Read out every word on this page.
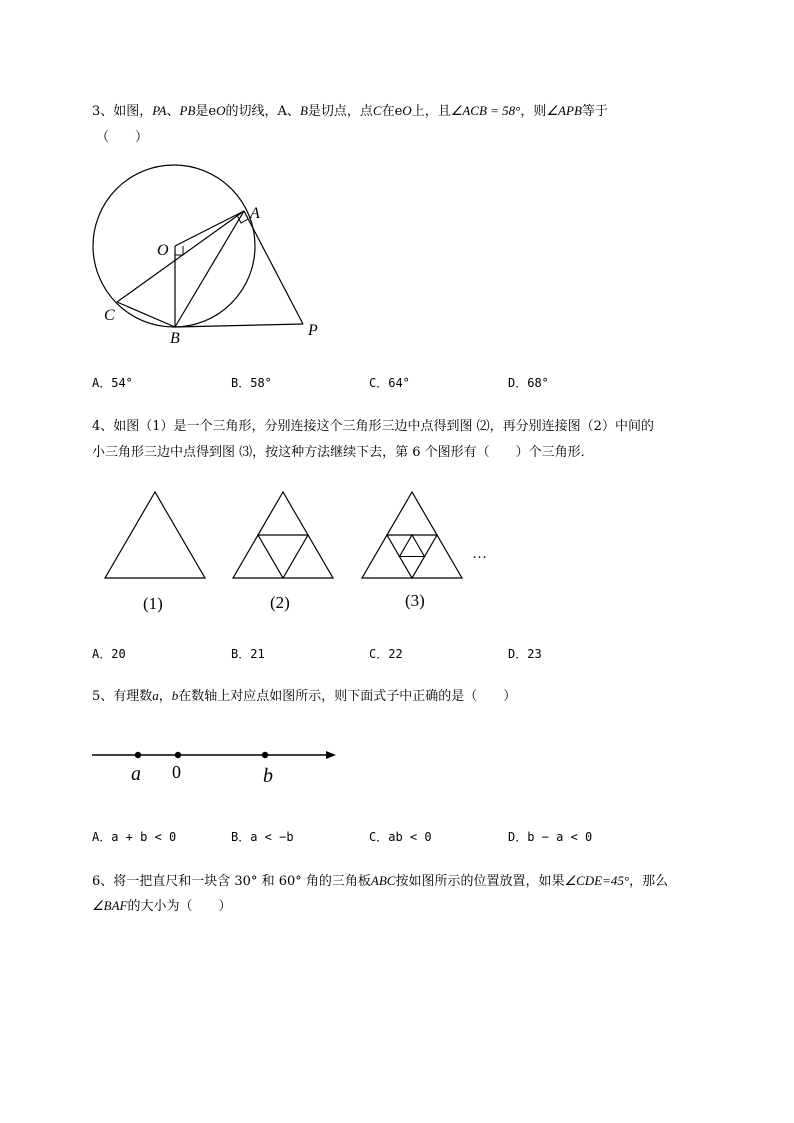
3、如图，PA、PB是eO的切线，A、B是切点，点C在eO上，且∠ACB = 58°，则∠APB等于
（　　）
A
O
C
B	P
A．54°	B．58°	C．64°	D．68°
4、如图（1）是一个三角形，分别连接这个三角形三边中点得到图 ⑵，再分别连接图（2）中间的
小三角形三边中点得到图 ⑶，按这种方法继续下去，第 6 个图形有（　　）个三角形．
(1)	(2)	(3)
…
A．20	B．21	C．22	D．23
5、有理数a，b在数轴上对应点如图所示，则下面式子中正确的是（　　）
a 0	b
A．a + b < 0	B．a < −b	C．ab < 0	D．b − a < 0
6、将一把直尺和一块含 30° 和 60° 角的三角板ABC按如图所示的位置放置，如果∠CDE=45°，那么
∠BAF的大小为（　　）
